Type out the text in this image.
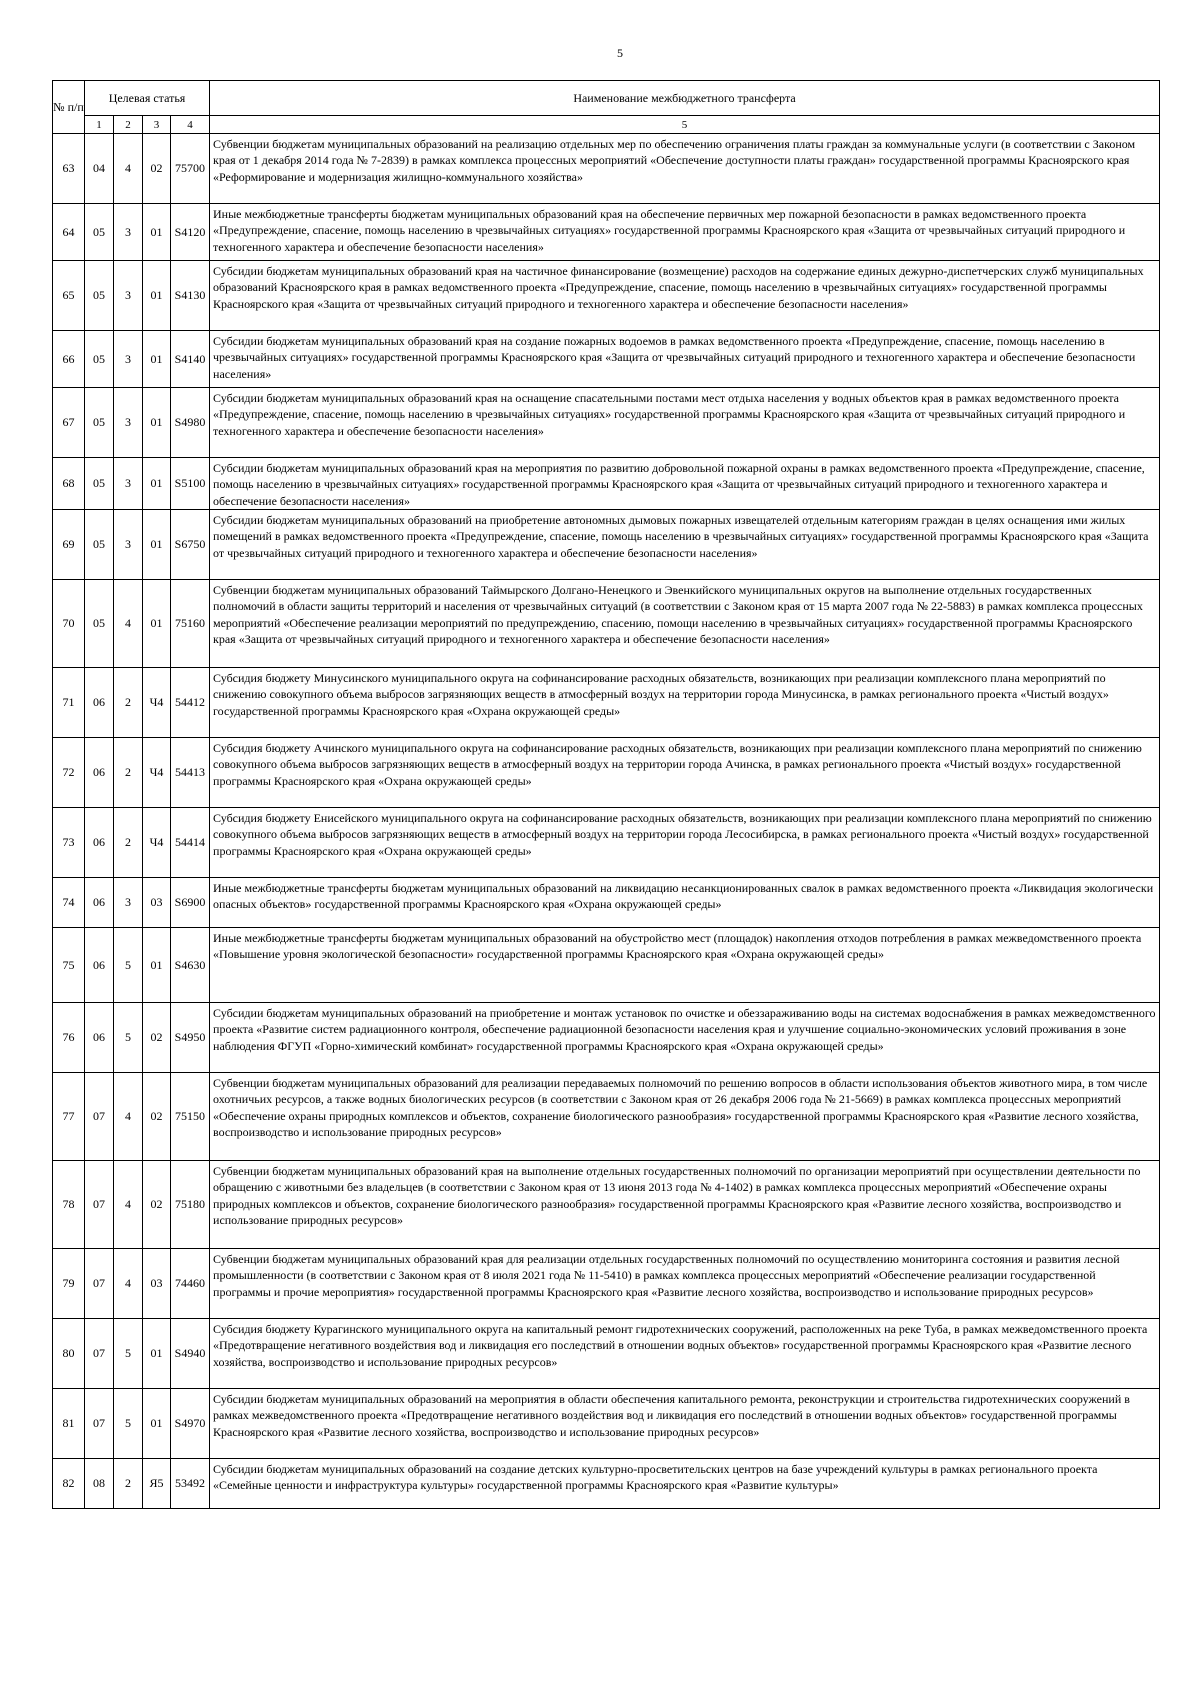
5
№ п/п	Целевая статья				Наименование межбюджетного трансферта
	1	2	3	4	5
63	04	4	02	75700	Субвенции бюджетам муниципальных образований на реализацию отдельных мер по обеспечению ограничения платы граждан за коммунальные услуги (в соответствии с Законом края от 1 декабря 2014 года № 7-2839) в рамках комплекса процессных мероприятий «Обеспечение доступности платы граждан» государственной программы Красноярского края «Реформирование и модернизация жилищно-коммунального хозяйства»
64	05	3	01	S4120	Иные межбюджетные трансферты бюджетам муниципальных образований края на обеспечение первичных мер пожарной безопасности в рамках ведомственного проекта «Предупреждение, спасение, помощь населению в чрезвычайных ситуациях» государственной программы Красноярского края «Защита от чрезвычайных ситуаций природного и техногенного характера и обеспечение безопасности населения»
65	05	3	01	S4130	Субсидии бюджетам муниципальных образований края на частичное финансирование (возмещение) расходов на содержание единых дежурно-диспетчерских служб муниципальных образований Красноярского края в рамках ведомственного проекта «Предупреждение, спасение, помощь населению в чрезвычайных ситуациях» государственной программы Красноярского края «Защита от чрезвычайных ситуаций природного и техногенного характера и обеспечение безопасности населения»
66	05	3	01	S4140	Субсидии бюджетам муниципальных образований края на создание пожарных водоемов в рамках ведомственного проекта «Предупреждение, спасение, помощь населению в чрезвычайных ситуациях» государственной программы Красноярского края «Защита от чрезвычайных ситуаций природного и техногенного характера и обеспечение безопасности населения»
67	05	3	01	S4980	Субсидии бюджетам муниципальных образований края на оснащение спасательными постами мест отдыха населения у водных объектов края в рамках ведомственного проекта «Предупреждение, спасение, помощь населению в чрезвычайных ситуациях» государственной программы Красноярского края «Защита от чрезвычайных ситуаций природного и техногенного характера и обеспечение безопасности населения»
68	05	3	01	S5100	Субсидии бюджетам муниципальных образований края на мероприятия по развитию добровольной пожарной охраны в рамках ведомственного проекта «Предупреждение, спасение, помощь населению в чрезвычайных ситуациях» государственной программы Красноярского края «Защита от чрезвычайных ситуаций природного и техногенного характера и обеспечение безопасности населения»
69	05	3	01	S6750	Субсидии бюджетам муниципальных образований на приобретение автономных дымовых пожарных извещателей отдельным категориям граждан в целях оснащения ими жилых помещений в рамках ведомственного проекта «Предупреждение, спасение, помощь населению в чрезвычайных ситуациях» государственной программы Красноярского края «Защита от чрезвычайных ситуаций природного и техногенного характера и обеспечение безопасности населения»
70	05	4	01	75160	Субвенции бюджетам муниципальных образований Таймырского Долгано-Ненецкого и Эвенкийского муниципальных округов на выполнение отдельных государственных полномочий в области защиты территорий и населения от чрезвычайных ситуаций (в соответствии с Законом края от 15 марта 2007 года № 22-5883) в рамках комплекса процессных мероприятий «Обеспечение реализации мероприятий по предупреждению, спасению, помощи населению в чрезвычайных ситуациях» государственной программы Красноярского края «Защита от чрезвычайных ситуаций природного и техногенного характера и обеспечение безопасности населения»
71	06	2	Ч4	54412	Субсидия бюджету Минусинского муниципального округа на софинансирование расходных обязательств, возникающих при реализации комплексного плана мероприятий по снижению совокупного объема выбросов загрязняющих веществ в атмосферный воздух на территории города Минусинска, в рамках регионального проекта «Чистый воздух» государственной программы Красноярского края «Охрана окружающей среды»
72	06	2	Ч4	54413	Субсидия бюджету Ачинского муниципального округа на софинансирование расходных обязательств, возникающих при реализации комплексного плана мероприятий по снижению совокупного объема выбросов загрязняющих веществ в атмосферный воздух на территории города Ачинска, в рамках регионального проекта «Чистый воздух» государственной программы Красноярского края «Охрана окружающей среды»
73	06	2	Ч4	54414	Субсидия бюджету Енисейского муниципального округа на софинансирование расходных обязательств, возникающих при реализации комплексного плана мероприятий по снижению совокупного объема выбросов загрязняющих веществ в атмосферный воздух на территории города Лесосибирска, в рамках регионального проекта «Чистый воздух» государственной программы Красноярского края «Охрана окружающей среды»
74	06	3	03	S6900	Иные межбюджетные трансферты бюджетам муниципальных образований на ликвидацию несанкционированных свалок в рамках ведомственного проекта «Ликвидация экологически опасных объектов» государственной программы Красноярского края «Охрана окружающей среды»
75	06	5	01	S4630	Иные межбюджетные трансферты бюджетам муниципальных образований на обустройство мест (площадок) накопления отходов потребления в рамках межведомственного проекта «Повышение уровня экологической безопасности» государственной программы Красноярского края «Охрана окружающей среды»
76	06	5	02	S4950	Субсидии бюджетам муниципальных образований на приобретение и монтаж установок по очистке и обеззараживанию воды на системах водоснабжения в рамках межведомственного проекта «Развитие систем радиационного контроля, обеспечение радиационной безопасности населения края и улучшение социально-экономических условий проживания в зоне наблюдения ФГУП «Горно-химический комбинат» государственной программы Красноярского края «Охрана окружающей среды»
77	07	4	02	75150	Субвенции бюджетам муниципальных образований для реализации передаваемых полномочий по решению вопросов в области использования объектов животного мира, в том числе охотничьих ресурсов, а также водных биологических ресурсов (в соответствии с Законом края от 26 декабря 2006 года № 21-5669) в рамках комплекса процессных мероприятий «Обеспечение охраны природных комплексов и объектов, сохранение биологического разнообразия» государственной программы Красноярского края «Развитие лесного хозяйства, воспроизводство и использование природных ресурсов»
78	07	4	02	75180	Субвенции бюджетам муниципальных образований края на выполнение отдельных государственных полномочий по организации мероприятий при осуществлении деятельности по обращению с животными без владельцев (в соответствии с Законом края от 13 июня 2013 года № 4-1402) в рамках комплекса процессных мероприятий «Обеспечение охраны природных комплексов и объектов, сохранение биологического разнообразия» государственной программы Красноярского края «Развитие лесного хозяйства, воспроизводство и использование природных ресурсов»
79	07	4	03	74460	Субвенции бюджетам муниципальных образований края для реализации отдельных государственных полномочий по осуществлению мониторинга состояния и развития лесной промышленности (в соответствии с Законом края от 8 июля 2021 года № 11-5410) в рамках комплекса процессных мероприятий «Обеспечение реализации государственной программы и прочие мероприятия» государственной программы Красноярского края «Развитие лесного хозяйства, воспроизводство и использование природных ресурсов»
80	07	5	01	S4940	Субсидия бюджету Курагинского муниципального округа на капитальный ремонт гидротехнических сооружений, расположенных на реке Туба, в рамках межведомственного проекта «Предотвращение негативного воздействия вод и ликвидация его последствий в отношении водных объектов» государственной программы Красноярского края «Развитие лесного хозяйства, воспроизводство и использование природных ресурсов»
81	07	5	01	S4970	Субсидии бюджетам муниципальных образований на мероприятия в области обеспечения капитального ремонта, реконструкции и строительства гидротехнических сооружений в рамках межведомственного проекта «Предотвращение негативного воздействия вод и ликвидация его последствий в отношении водных объектов» государственной программы Красноярского края «Развитие лесного хозяйства, воспроизводство и использование природных ресурсов»
82	08	2	Я5	53492	Субсидии бюджетам муниципальных образований на создание детских культурно-просветительских центров на базе учреждений культуры в рамках регионального проекта «Семейные ценности и инфраструктура культуры» государственной программы Красноярского края «Развитие культуры»
